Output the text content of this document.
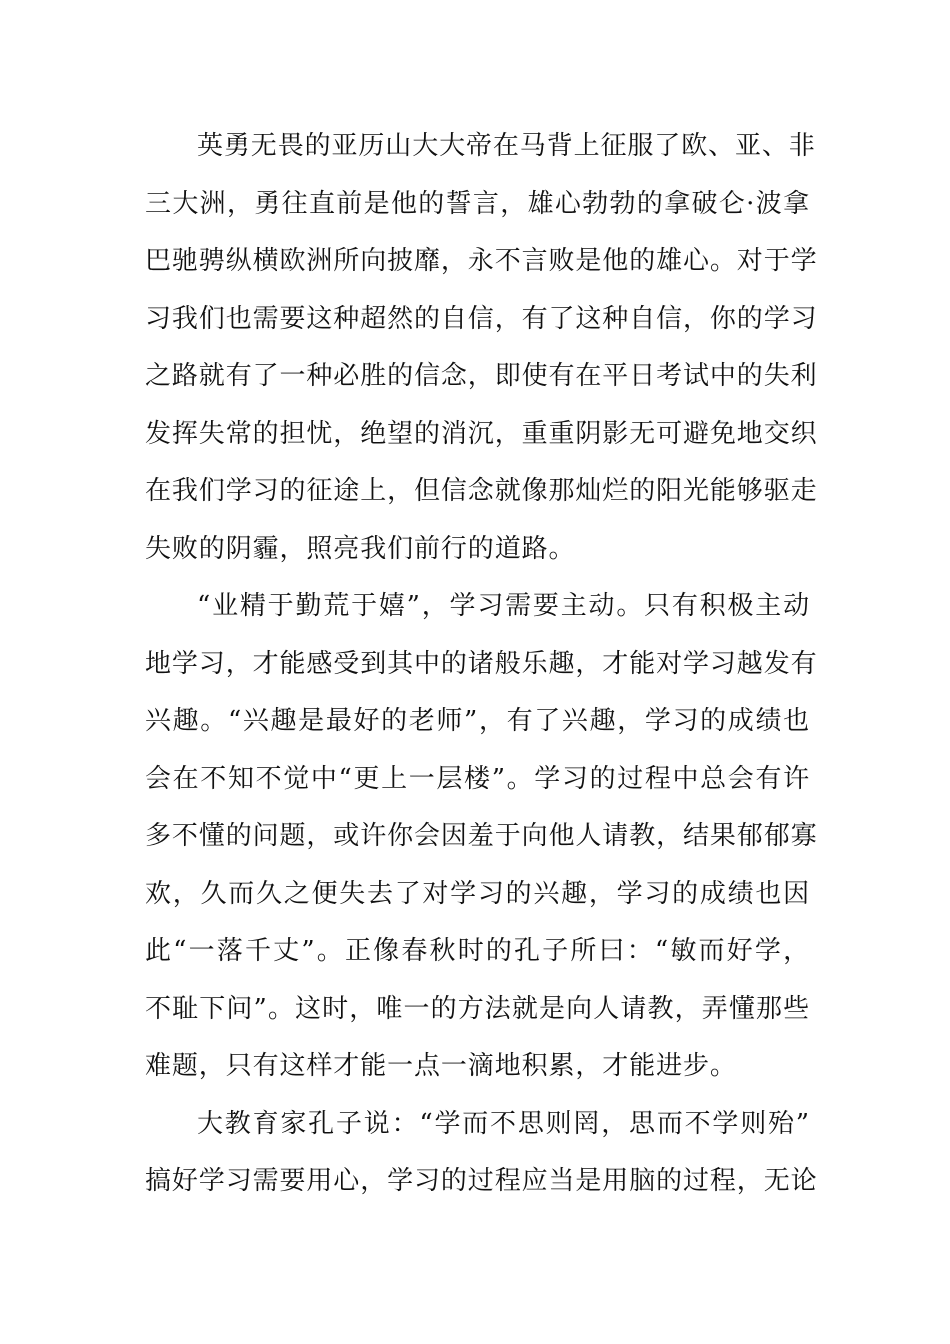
英勇无畏的亚历山大大帝在马背上征服了欧、亚、非
三大洲，勇往直前是他的誓言，雄心勃勃的拿破仑·波拿
巴驰骋纵横欧洲所向披靡，永不言败是他的雄心。对于学
习我们也需要这种超然的自信，有了这种自信，你的学习
之路就有了一种必胜的信念，即使有在平日考试中的失利
发挥失常的担忧，绝望的消沉，重重阴影无可避免地交织
在我们学习的征途上，但信念就像那灿烂的阳光能够驱走
失败的阴霾，照亮我们前行的道路。
“业精于勤荒于嬉”，学习需要主动。只有积极主动
地学习，才能感受到其中的诸般乐趣，才能对学习越发有
兴趣。“兴趣是最好的老师”，有了兴趣，学习的成绩也
会在不知不觉中“更上一层楼”。学习的过程中总会有许
多不懂的问题，或许你会因羞于向他人请教，结果郁郁寡
欢，久而久之便失去了对学习的兴趣，学习的成绩也因
此“一落千丈”。正像春秋时的孔子所曰：“敏而好学，
不耻下问”。这时，唯一的方法就是向人请教，弄懂那些
难题，只有这样才能一点一滴地积累，才能进步。
大教育家孔子说：“学而不思则罔，思而不学则殆”
搞好学习需要用心，学习的过程应当是用脑的过程，无论
